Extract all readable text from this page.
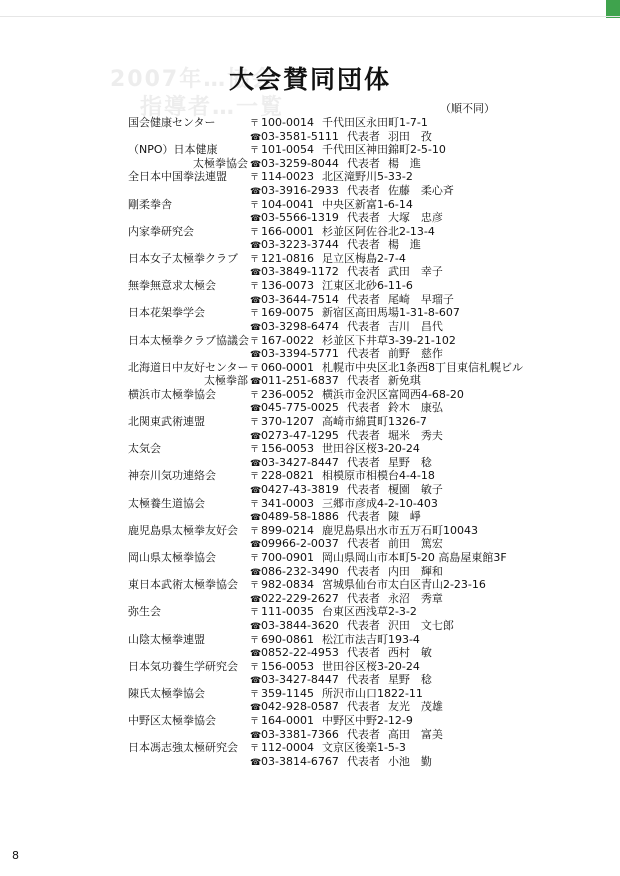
2007年…協会
指導者…一覧
大会賛同団体
（順不同）
国会健康センター	〒 100-0014 千代田区永田町1-7-1
☎03-3581-5111 代表者 羽田　孜
（NPO）日本健康
太極拳協会
〒 101-0054 千代田区神田錦町2-5-10
☎03-3259-8044 代表者 楊　進
全日本中国拳法連盟	〒 114-0023 北区滝野川5-33-2
☎03-3916-2933 代表者 佐藤　柔心斉
剛柔拳舎	〒 104-0041 中央区新富1-6-14
☎03-5566-1319 代表者 大塚　忠彦
内家拳研究会	〒 166-0001 杉並区阿佐谷北2-13-4
☎03-3223-3744 代表者 楊　進
日本女子太極拳クラブ 〒 121-0816 足立区梅島2-7-4
☎03-3849-1172 代表者 武田　幸子
無拳無意求太極会	〒 136-0073 江東区北砂6-11-6
☎03-3644-7514 代表者 尾崎　早瑠子
日本花架拳学会	〒 169-0075 新宿区高田馬場1-31-8-607
☎03-3298-6474 代表者 吉川　昌代
日本太極拳クラブ協議会 〒 167-0022 杉並区下井草3-39-21-102
☎03-3394-5771 代表者 前野　慈作
北海道日中友好センター
太極拳部
〒 060-0001 札幌市中央区北1条西8丁目東信札幌ビル
☎011-251-6837 代表者 新免琪
横浜市太極拳協会	〒 236-0052 横浜市金沢区富岡西4-68-20
☎045-775-0025 代表者 鈴木　康弘
北関東武術連盟	〒 370-1207 高崎市綿貫町1326-7
☎0273-47-1295 代表者 堀米　秀夫
太気会	〒 156-0053 世田谷区桜3-20-24
☎03-3427-8447 代表者 星野　稔
神奈川気功連絡会	〒 228-0821 相模原市相模台4-4-18
☎0427-43-3819 代表者 榎園　敏子
太極養生道協会	〒 341-0003 三郷市彦成4-2-10-403
☎0489-58-1886 代表者 陳　崢
鹿児島県太極拳友好会 〒 899-0214 鹿児島県出水市五万石町10043
☎09966-2-0037 代表者 前田　篤宏
岡山県太極拳協会	〒 700-0901 岡山県岡山市本町5-20 高島屋東館3F
☎086-232-3490 代表者 内田　輝和
東日本武術太極拳協会 〒 982-0834 宮城県仙台市太白区青山2-23-16
☎022-229-2627 代表者 永沼　秀章
弥生会	〒 111-0035 台東区西浅草2-3-2
☎03-3844-3620 代表者 沢田　文七郎
山陰太極拳連盟	〒 690-0861 松江市法吉町193-4
☎0852-22-4953 代表者 西村　敏
日本気功養生学研究会 〒 156-0053 世田谷区桜3-20-24
☎03-3427-8447 代表者 星野　稔
陳氏太極拳協会	〒 359-1145 所沢市山口1822-11
☎042-928-0587 代表者 友光　茂雄
中野区太極拳協会	〒 164-0001 中野区中野2-12-9
☎03-3381-7366 代表者 高田　富美
日本馮志強太極研究会 〒 112-0004 文京区後楽1-5-3
☎03-3814-6767 代表者 小池　勤
8
